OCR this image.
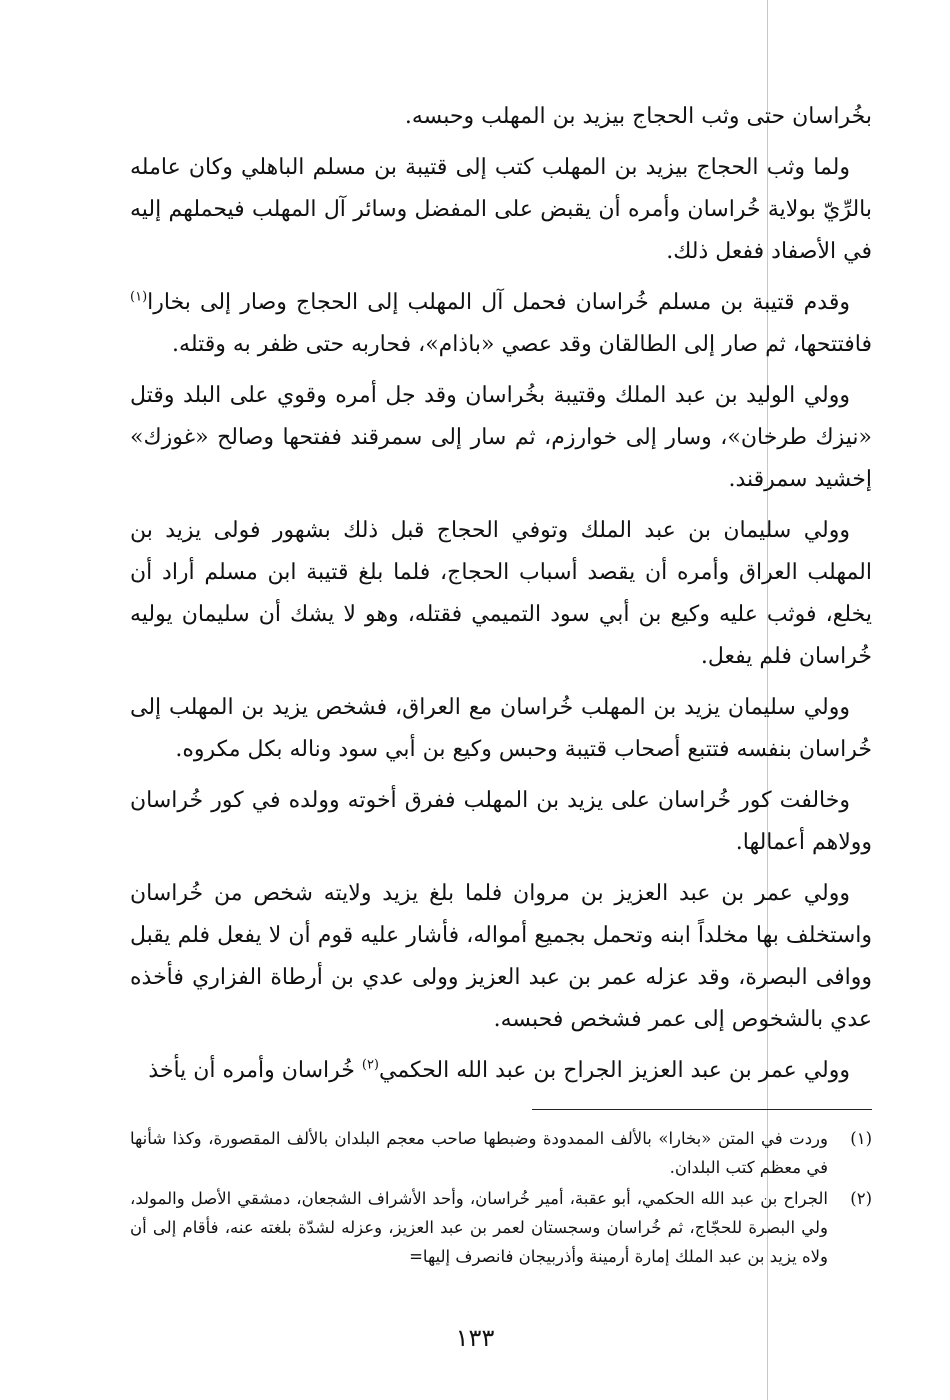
بخُراسان حتى وثب الحجاج بيزيد بن المهلب وحبسه.

ولما وثب الحجاج بيزيد بن المهلب كتب إلى قتيبة بن مسلم الباهلي وكان عامله بالرِّيّ بولاية خُراسان وأمره أن يقبض على المفضل وسائر آل المهلب فيحملهم إليه في الأصفاد ففعل ذلك.

وقدم قتيبة بن مسلم خُراسان فحمل آل المهلب إلى الحجاج وصار إلى بخارا$^{(١)}$ فافتتحها، ثم صار إلى الطالقان وقد عصي «باذام»، فحاربه حتى ظفر به وقتله.

وولي الوليد بن عبد الملك وقتيبة بخُراسان وقد جل أمره وقوي على البلد وقتل «نيزك طرخان»، وسار إلى خوارزم، ثم سار إلى سمرقند ففتحها وصالح «غوزك» إخشيد سمرقند.

وولي سليمان بن عبد الملك وتوفي الحجاج قبل ذلك بشهور فولى يزيد بن المهلب العراق وأمره أن يقصد أسباب الحجاج، فلما بلغ قتيبة ابن مسلم أراد أن يخلع، فوثب عليه وكيع بن أبي سود التميمي فقتله، وهو لا يشك أن سليمان يوليه خُراسان فلم يفعل.

وولي سليمان يزيد بن المهلب خُراسان مع العراق، فشخص يزيد بن المهلب إلى خُراسان بنفسه فتتبع أصحاب قتيبة وحبس وكيع بن أبي سود وناله بكل مكروه.

وخالفت كور خُراسان على يزيد بن المهلب ففرق أخوته وولده في كور خُراسان وولاهم أعمالها.

وولي عمر بن عبد العزيز بن مروان فلما بلغ يزيد ولايته شخص من خُراسان واستخلف بها مخلداً ابنه وتحمل بجميع أمواله، فأشار عليه قوم أن لا يفعل فلم يقبل ووافى البصرة، وقد عزله عمر بن عبد العزيز وولى عدي بن أرطاة الفزاري فأخذه عدي بالشخوص إلى عمر فشخص فحبسه.

وولي عمر بن عبد العزيز الجراح بن عبد الله الحكمي$^{(٢)}$ خُراسان وأمره أن يأخذ

(١)
وردت في المتن «بخارا» بالألف الممدودة وضبطها صاحب معجم البلدان بالألف المقصورة، وكذا شأنها في معظم كتب البلدان.
(٢)
الجراح بن عبد الله الحكمي، أبو عقبة، أمير خُراسان، وأحد الأشراف الشجعان، دمشقي الأصل والمولد، ولي البصرة للحجّاج، ثم خُراسان وسجستان لعمر بن عبد العزيز، وعزله لشدّة بلغته عنه، فأقام إلى أن ولاه يزيد بن عبد الملك إمارة أرمينة وأذربيجان فانصرف إليها=
١٣٣
